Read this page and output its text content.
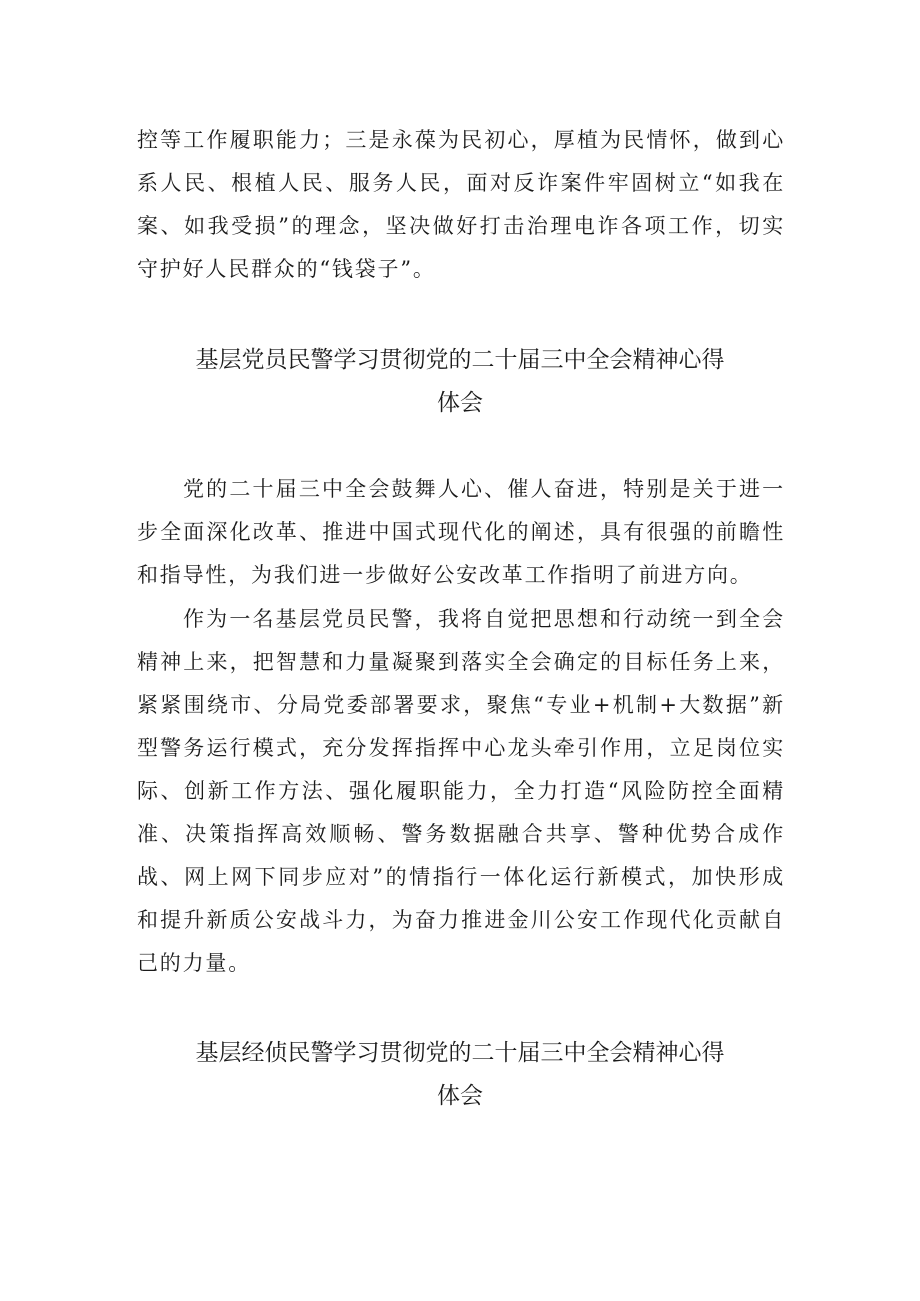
控等工作履职能力；三是永葆为民初心，厚植为民情怀，做到心系人民、根植人民、服务人民，面对反诈案件牢固树立“如我在案、如我受损”的理念，坚决做好打击治理电诈各项工作，切实守护好人民群众的“钱袋子”。

基层党员民警学习贯彻党的二十届三中全会精神心得
体会

党的二十届三中全会鼓舞人心、催人奋进，特别是关于进一步全面深化改革、推进中国式现代化的阐述，具有很强的前瞻性和指导性，为我们进一步做好公安改革工作指明了前进方向。

作为一名基层党员民警，我将自觉把思想和行动统一到全会精神上来，把智慧和力量凝聚到落实全会确定的目标任务上来，紧紧围绕市、分局党委部署要求，聚焦“专业+机制+大数据”新型警务运行模式，充分发挥指挥中心龙头牵引作用，立足岗位实际、创新工作方法、强化履职能力，全力打造“风险防控全面精准、决策指挥高效顺畅、警务数据融合共享、警种优势合成作战、网上网下同步应对”的情指行一体化运行新模式，加快形成和提升新质公安战斗力，为奋力推进金川公安工作现代化贡献自己的力量。

基层经侦民警学习贯彻党的二十届三中全会精神心得
体会
